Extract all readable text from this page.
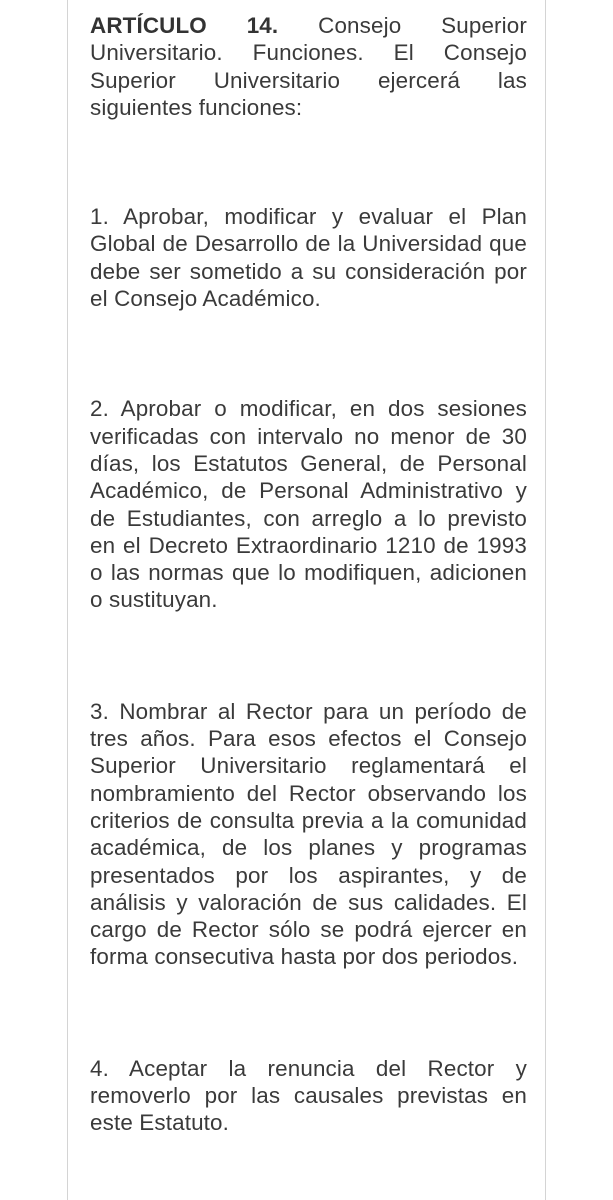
ARTÍCULO 14. Consejo Superior Universitario. Funciones. El Consejo Superior Universitario ejercerá las siguientes funciones:

1. Aprobar, modificar y evaluar el Plan Global de Desarrollo de la Universidad que debe ser sometido a su consideración por el Consejo Académico.

2. Aprobar o modificar, en dos sesiones verificadas con intervalo no menor de 30 días, los Estatutos General, de Personal Académico, de Personal Administrativo y de Estudiantes, con arreglo a lo previsto en el Decreto Extraordinario 1210 de 1993 o las normas que lo modifiquen, adicionen o sustituyan.

3. Nombrar al Rector para un período de tres años. Para esos efectos el Consejo Superior Universitario reglamentará el nombramiento del Rector observando los criterios de consulta previa a la comunidad académica, de los planes y programas presentados por los aspirantes, y de análisis y valoración de sus calidades. El cargo de Rector sólo se podrá ejercer en forma consecutiva hasta por dos periodos.

4. Aceptar la renuncia del Rector y removerlo por las causales previstas en este Estatuto.
